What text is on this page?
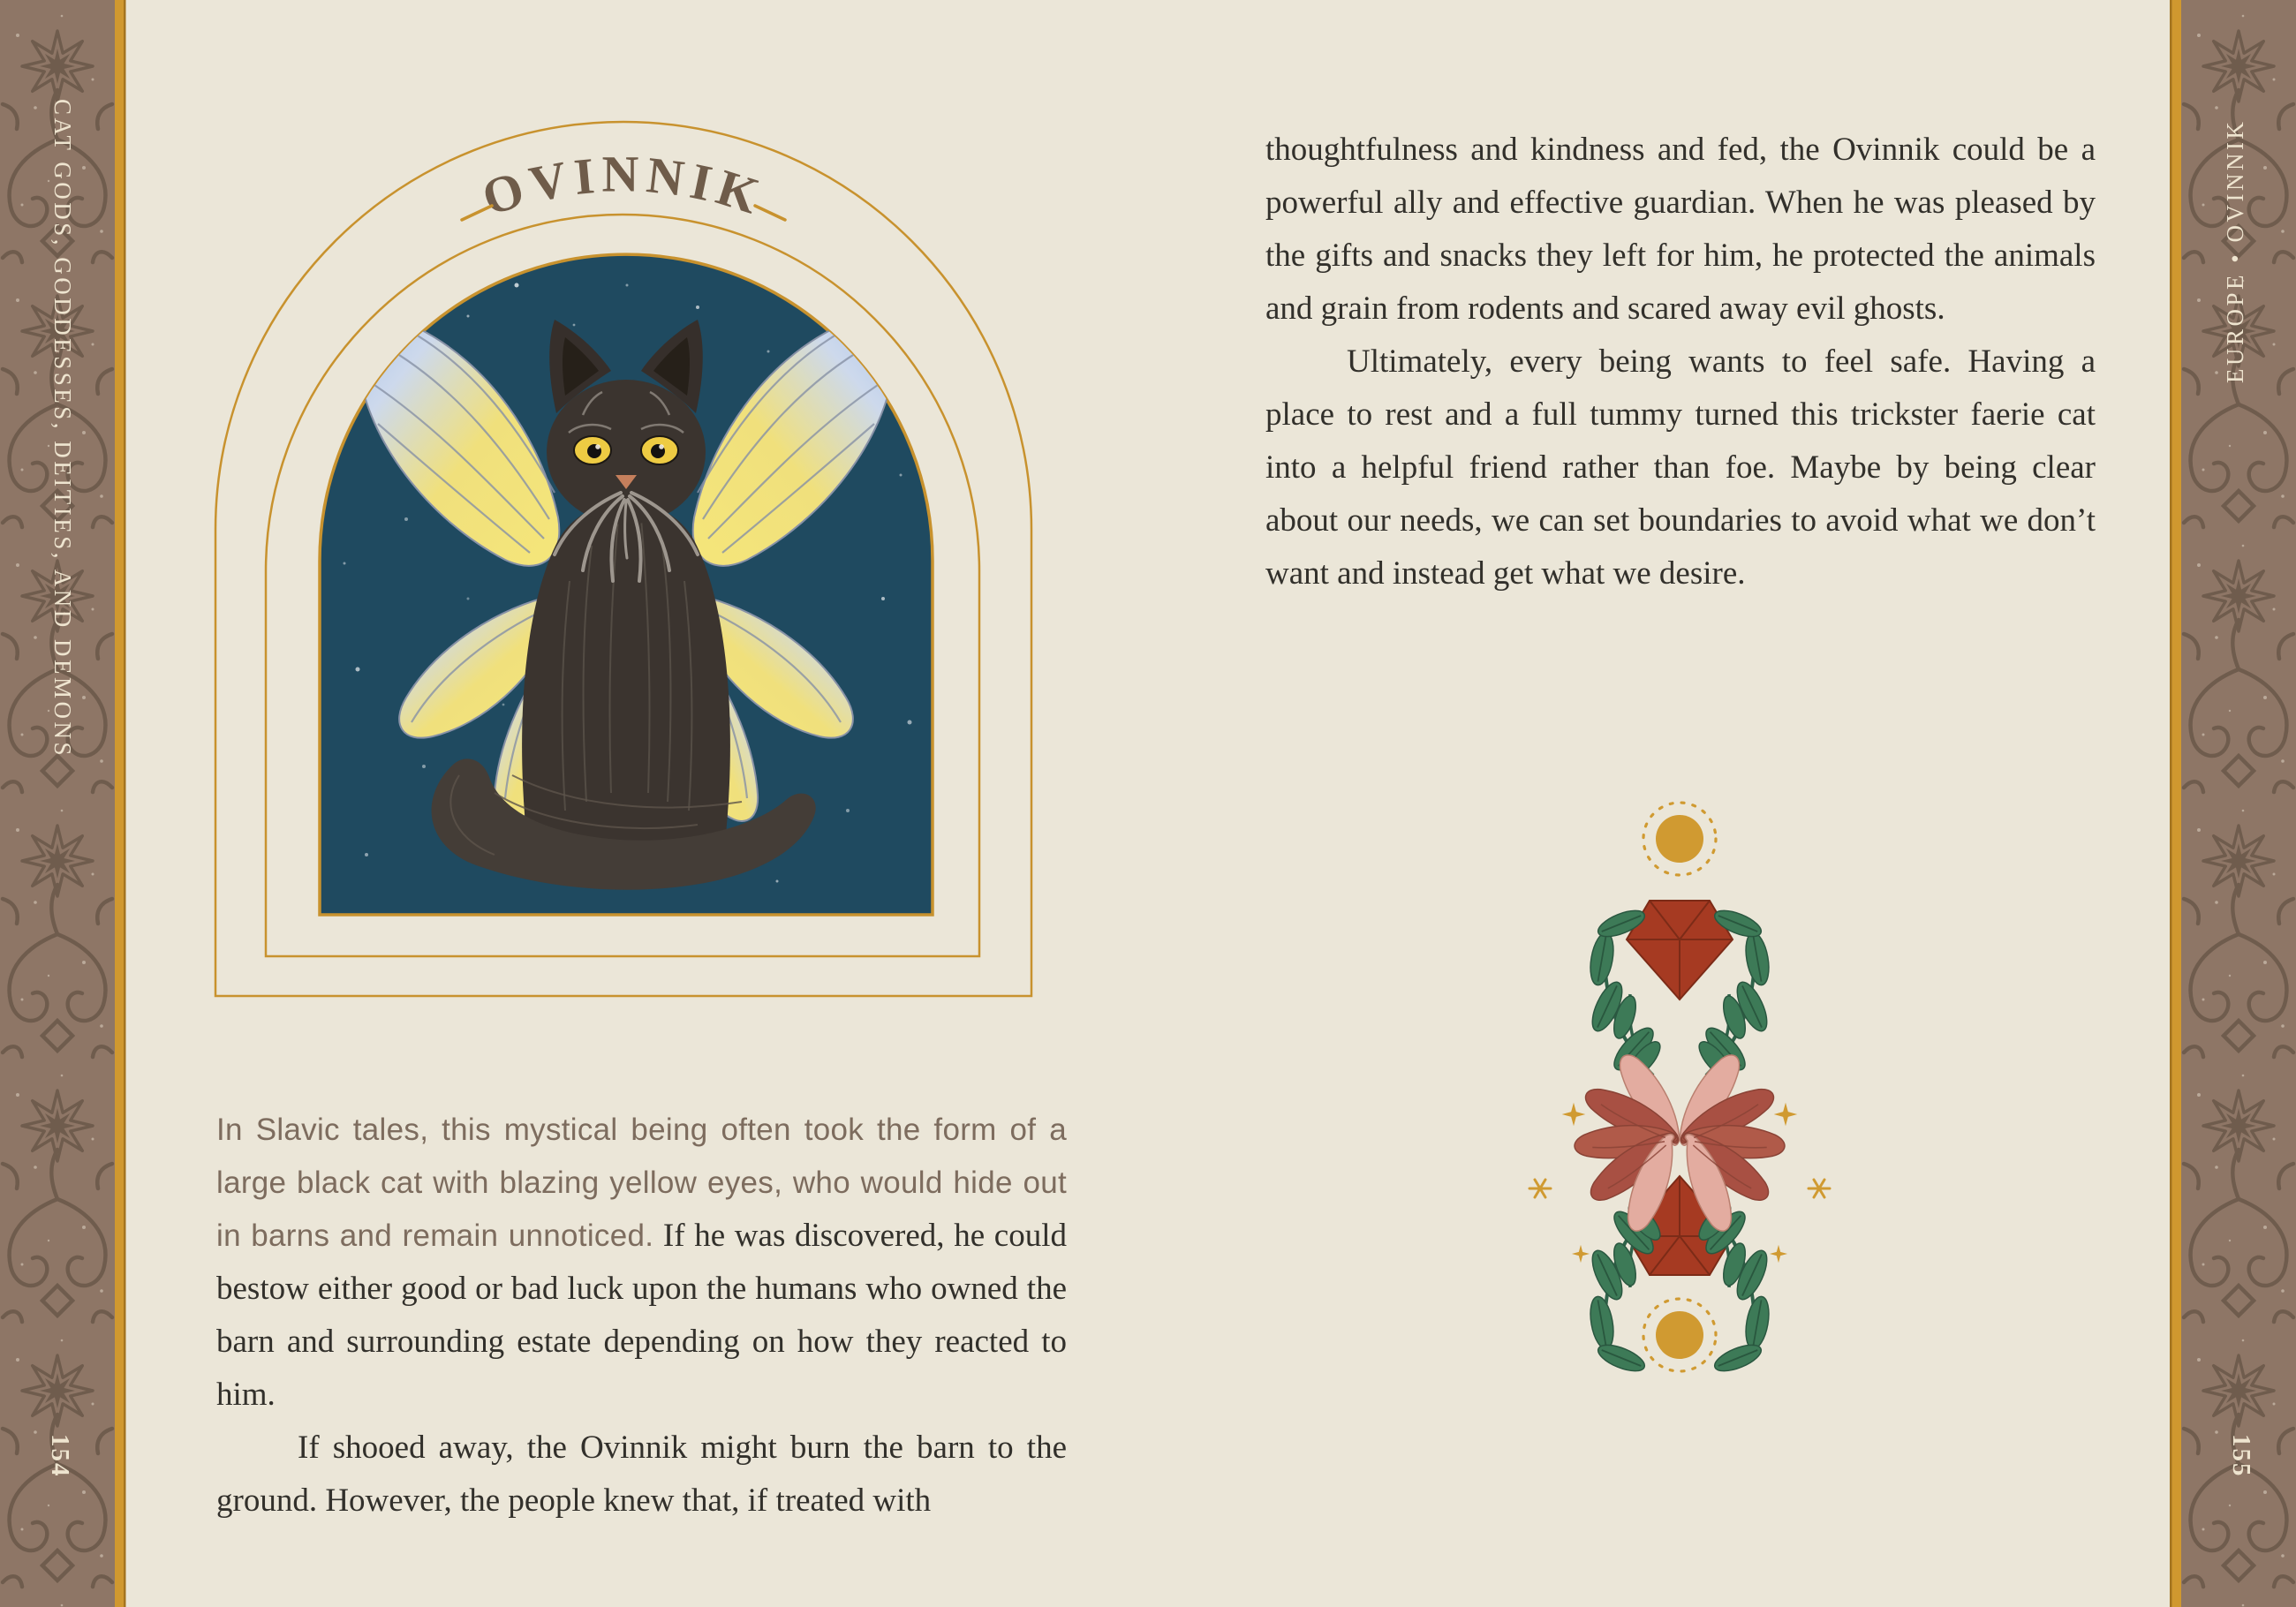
CAT GODS, GODDESSES, DEITIES, AND DEMONS
154
EUROPE • OVINNIK
155
OVINNIK

In Slavic tales, this mystical being often took the form of a large black cat with blazing yellow eyes, who would hide out in barns and remain unnoticed. If he was discovered, he could bestow either good or bad luck upon the humans who owned the barn and surrounding estate depending on how they reacted to him.

If shooed away, the Ovinnik might burn the barn to the ground. However, the people knew that, if treated with

thoughtfulness and kindness and fed, the Ovinnik could be a powerful ally and effective guardian. When he was pleased by the gifts and snacks they left for him, he protected the animals and grain from rodents and scared away evil ghosts.

Ultimately, every being wants to feel safe. Having a place to rest and a full tummy turned this trickster faerie cat into a helpful friend rather than foe. Maybe by being clear about our needs, we can set boundaries to avoid what we don’t want and instead get what we desire.
